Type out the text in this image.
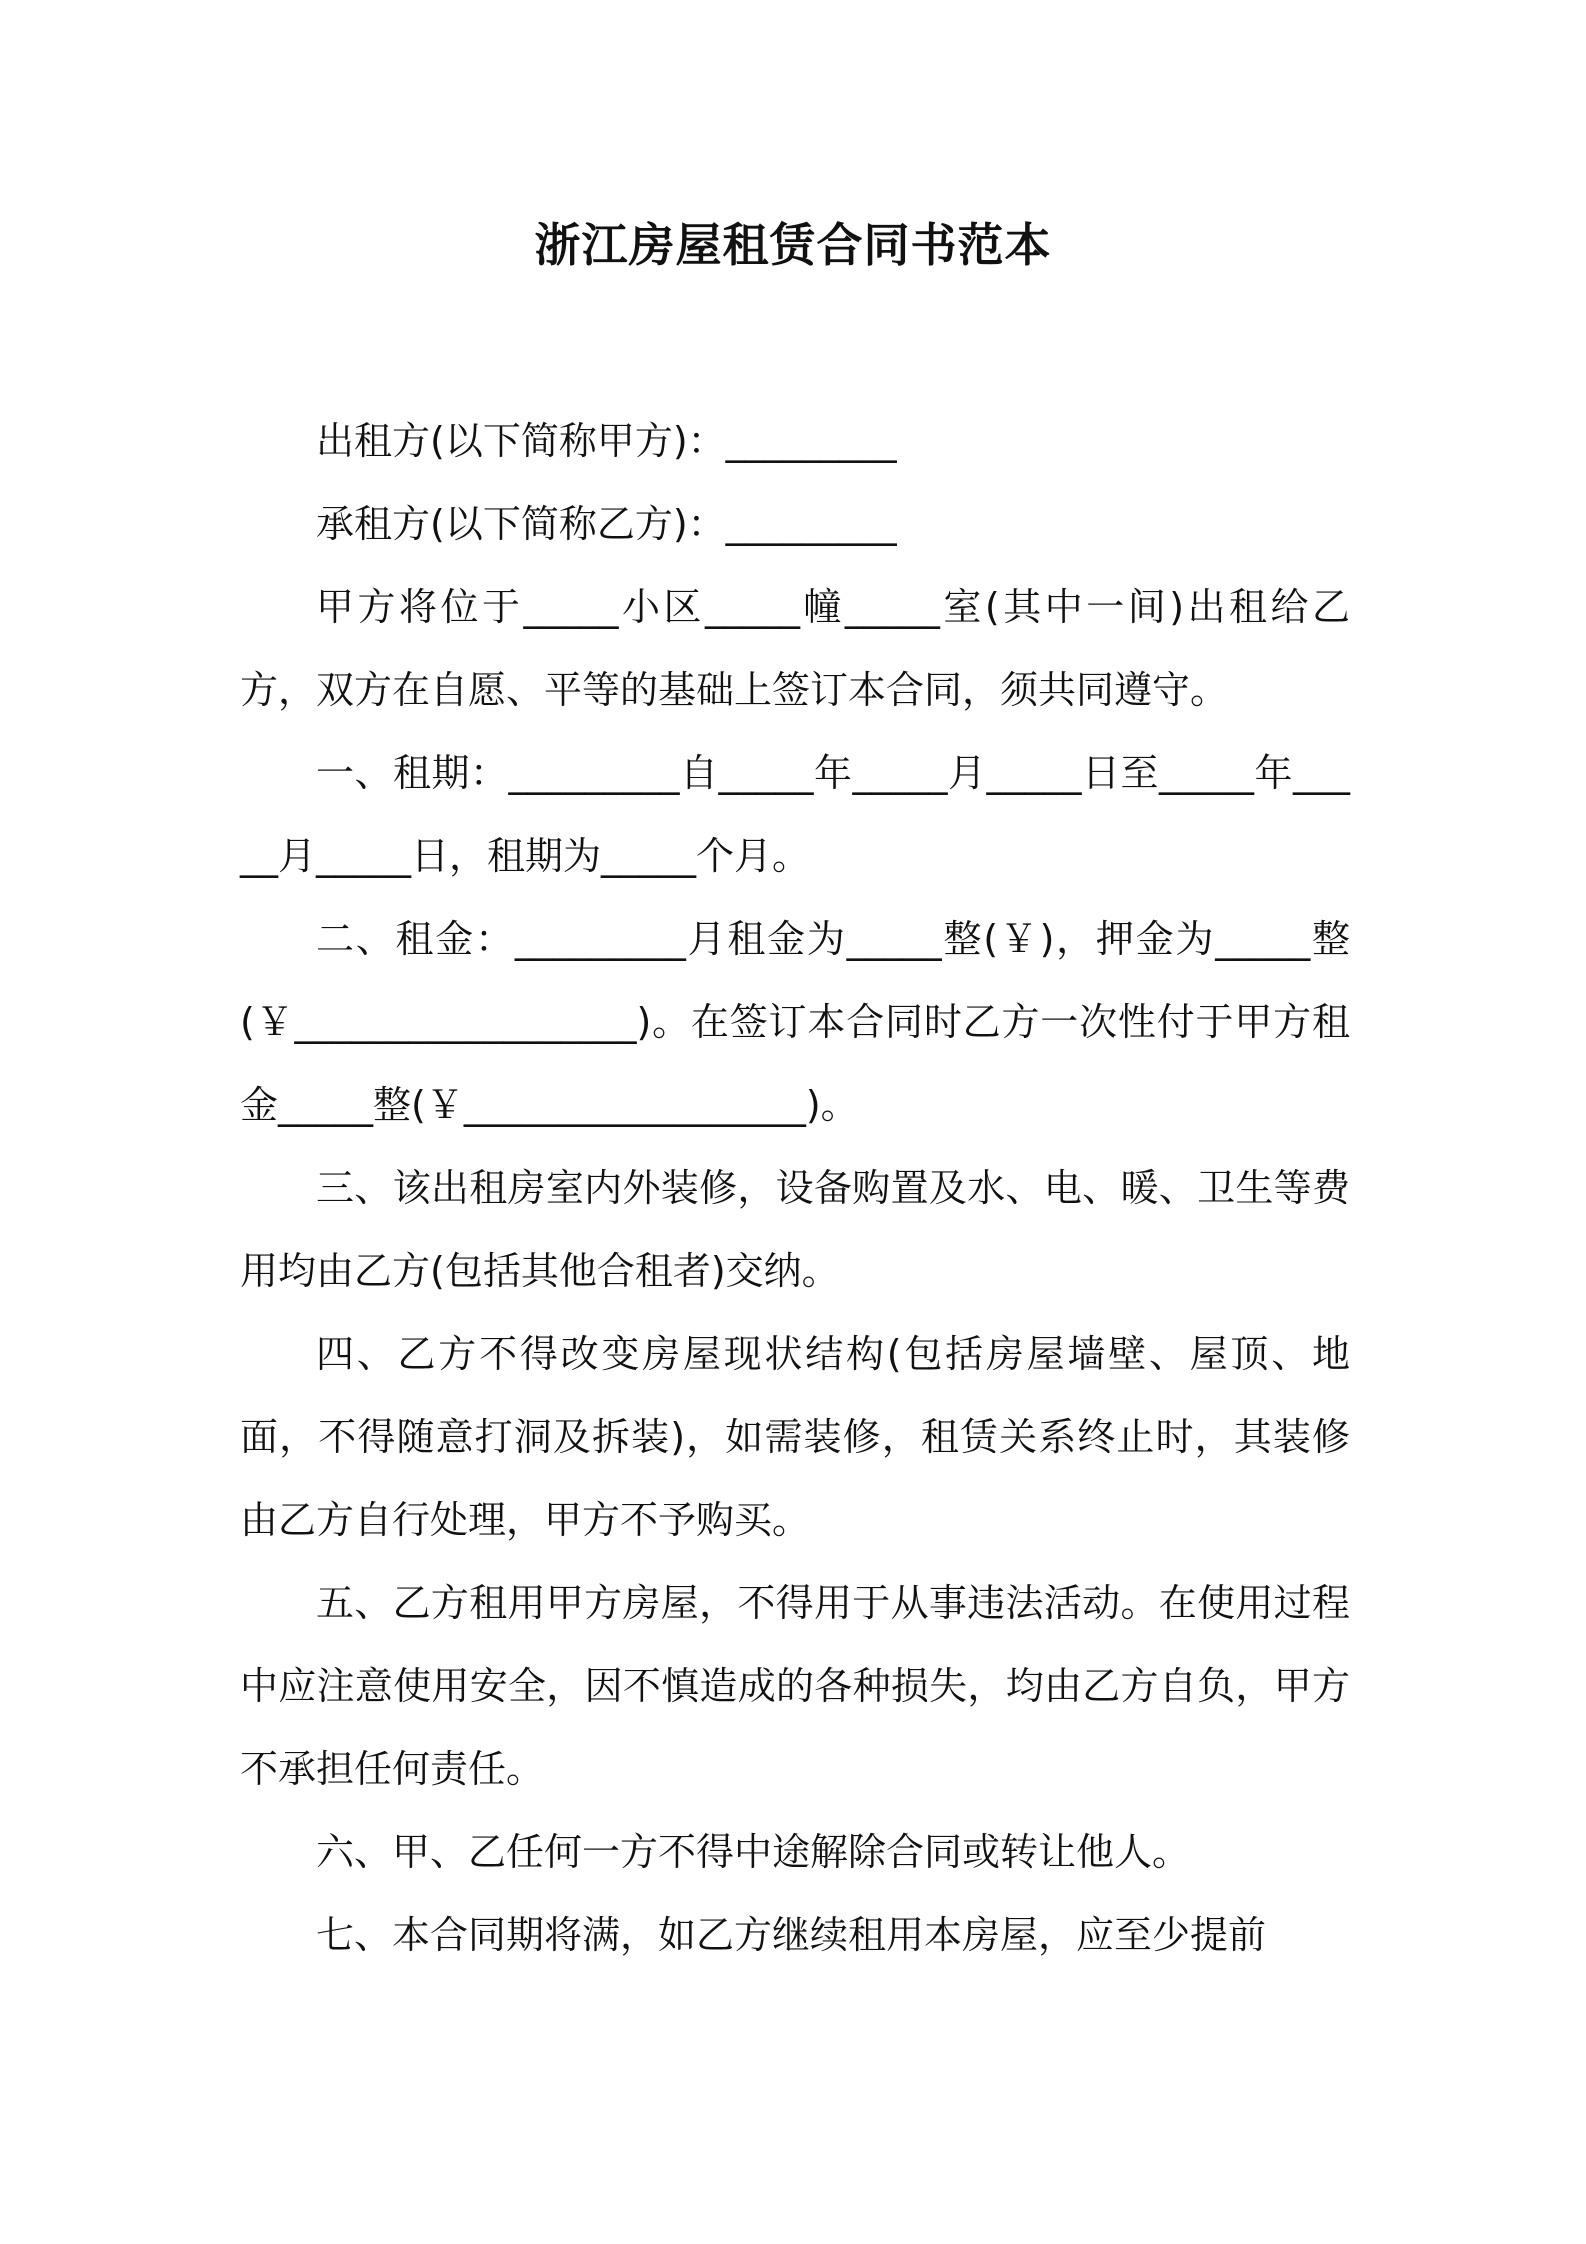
浙江房屋租赁合同书范本

出租方(以下简称甲方)：_________

承租方(以下简称乙方)：_________

甲方将位于_____小区_____幢_____室(其中一间)出租给乙方，双方在自愿、平等的基础上签订本合同，须共同遵守。

一、租期：_________自_____年_____月_____日至_____年_____月_____日，租期为_____个月。

二、租金：_________月租金为_____整(￥)，押金为_____整(￥__________________)。在签订本合同时乙方一次性付于甲方租金_____整(￥__________________)。

三、该出租房室内外装修，设备购置及水、电、暖、卫生等费用均由乙方(包括其他合租者)交纳。

四、乙方不得改变房屋现状结构(包括房屋墙壁、屋顶、地面，不得随意打洞及拆装)，如需装修，租赁关系终止时，其装修由乙方自行处理，甲方不予购买。

五、乙方租用甲方房屋，不得用于从事违法活动。在使用过程中应注意使用安全，因不慎造成的各种损失，均由乙方自负，甲方不承担任何责任。

六、甲、乙任何一方不得中途解除合同或转让他人。

七、本合同期将满，如乙方继续租用本房屋，应至少提前
